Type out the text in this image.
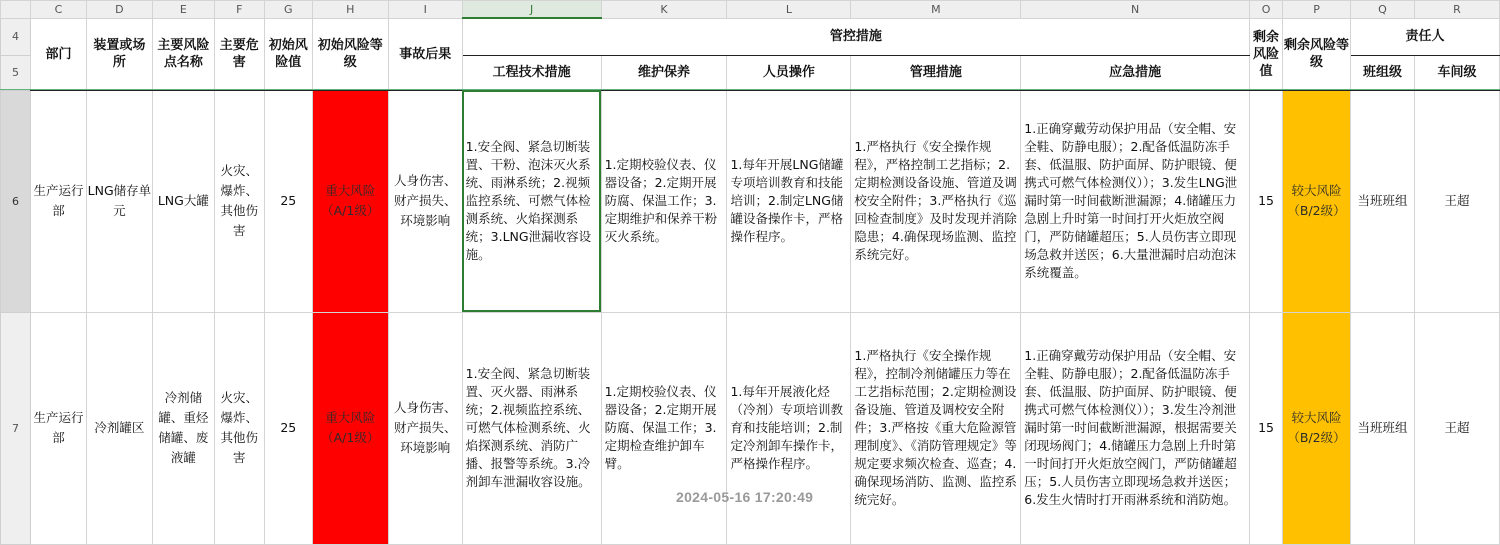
	C	D	E	F	G	H	I	J	K	L	M	N	O	P	Q	R
4	部门	装置或场所	主要风险点名称	主要危害	初始风险值	初始风险等级	事故后果	管控措施					剩余风险值	剩余风险等级	责任人	
5								工程技术措施	维护保养	人员操作	管理措施	应急措施			班组级	车间级
6	生产运行部	LNG储存单元	LNG大罐	火灾、爆炸、其他伤害	25	重大风险（A/1级）	人身伤害、财产损失、环境影响	1.安全阀、紧急切断装置、干粉、泡沫灭火系统、雨淋系统；2.视频监控系统、可燃气体检测系统、火焰探测系统；3.LNG泄漏收容设施。	1.定期校验仪表、仪器设备；2.定期开展防腐、保温工作；3.定期维护和保养干粉灭火系统。	1.每年开展LNG储罐专项培训教育和技能培训；2.制定LNG储罐设备操作卡，严格操作程序。	1.严格执行《安全操作规程》，严格控制工艺指标；2.定期检测设备设施、管道及调校安全附件；3.严格执行《巡回检查制度》及时发现并消除隐患；4.确保现场监测、监控系统完好。	1.正确穿戴劳动保护用品（安全帽、安全鞋、防静电服）；2.配备低温防冻手套、低温服、防护面屏、防护眼镜、便携式可燃气体检测仪））；3.发生LNG泄漏时第一时间截断泄漏源；4.储罐压力急剧上升时第一时间打开火炬放空阀门，严防储罐超压；5.人员伤害立即现场急救并送医；6.大量泄漏时启动泡沫系统覆盖。	15	较大风险（B/2级）	当班班组	王超
7	生产运行部	冷剂罐区	冷剂储罐、重烃储罐、废液罐	火灾、爆炸、其他伤害	25	重大风险（A/1级）	人身伤害、财产损失、环境影响	1.安全阀、紧急切断装置、灭火器、雨淋系统；2.视频监控系统、可燃气体检测系统、火焰探测系统、消防广播、报警等系统。3.冷剂卸车泄漏收容设施。	1.定期校验仪表、仪器设备；2.定期开展防腐、保温工作；3.定期检查维护卸车臂。	1.每年开展液化烃（冷剂）专项培训教育和技能培训；2.制定冷剂卸车操作卡，严格操作程序。	1.严格执行《安全操作规程》，控制冷剂储罐压力等在工艺指标范围；2.定期检测设备设施、管道及调校安全附件；3.严格按《重大危险源管理制度》、《消防管理规定》等规定要求频次检查、巡查；4.确保现场消防、监测、监控系统完好。	1.正确穿戴劳动保护用品（安全帽、安全鞋、防静电服）；2.配备低温防冻手套、低温服、防护面屏、防护眼镜、便携式可燃气体检测仪））；3.发生冷剂泄漏时第一时间截断泄漏源，根据需要关闭现场阀门；4.储罐压力急剧上升时第一时间打开火炬放空阀门，严防储罐超压；5.人员伤害立即现场急救并送医；6.发生火情时打开雨淋系统和消防炮。	15	较大风险（B/2级）	当班班组	王超
2024-05-16 17:20:49
